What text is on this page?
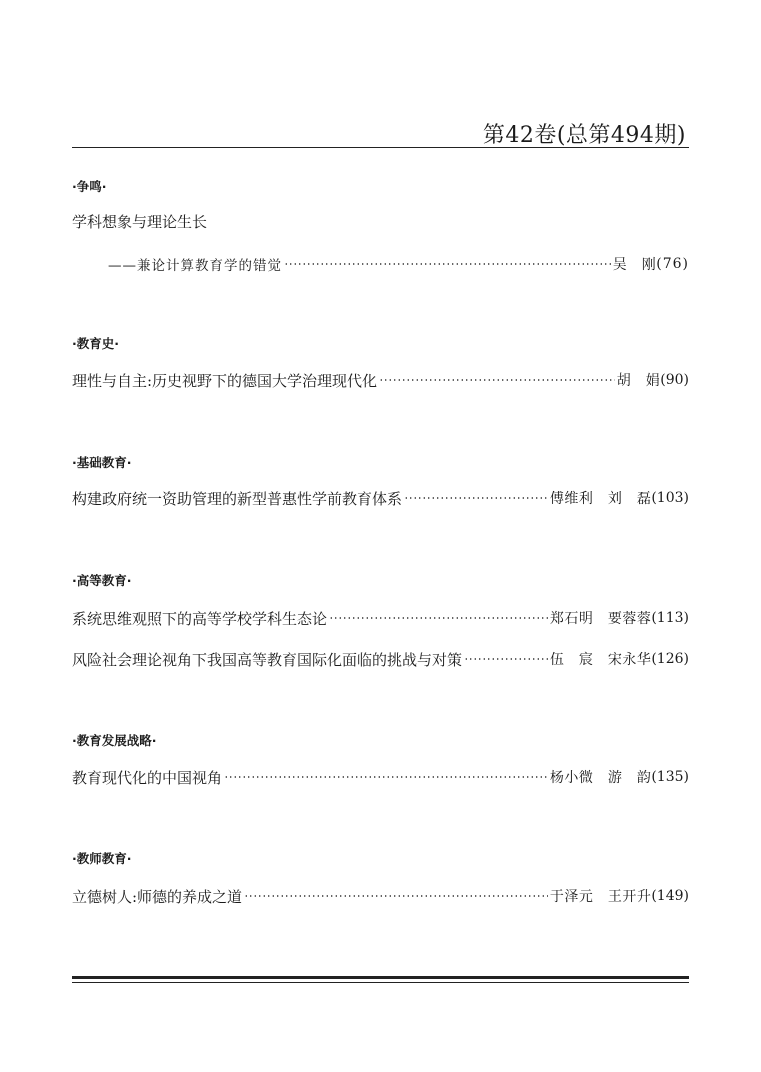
第42卷(总第494期)
·争鸣·
学科想象与理论生长
——兼论计算教育学的错觉	吴　刚 (76)
·教育史·
理性与自主:历史视野下的德国大学治理现代化	胡　娟 (90)
·基础教育·
构建政府统一资助管理的新型普惠性学前教育体系	傅维利　刘　磊 (103)
·高等教育·
系统思维观照下的高等学校学科生态论	郑石明　要蓉蓉 (113)
风险社会理论视角下我国高等教育国际化面临的挑战与对策	伍　宸　宋永华 (126)
·教育发展战略·
教育现代化的中国视角	杨小微　游　韵 (135)
·教师教育·
立德树人:师德的养成之道	于泽元　王开升 (149)
